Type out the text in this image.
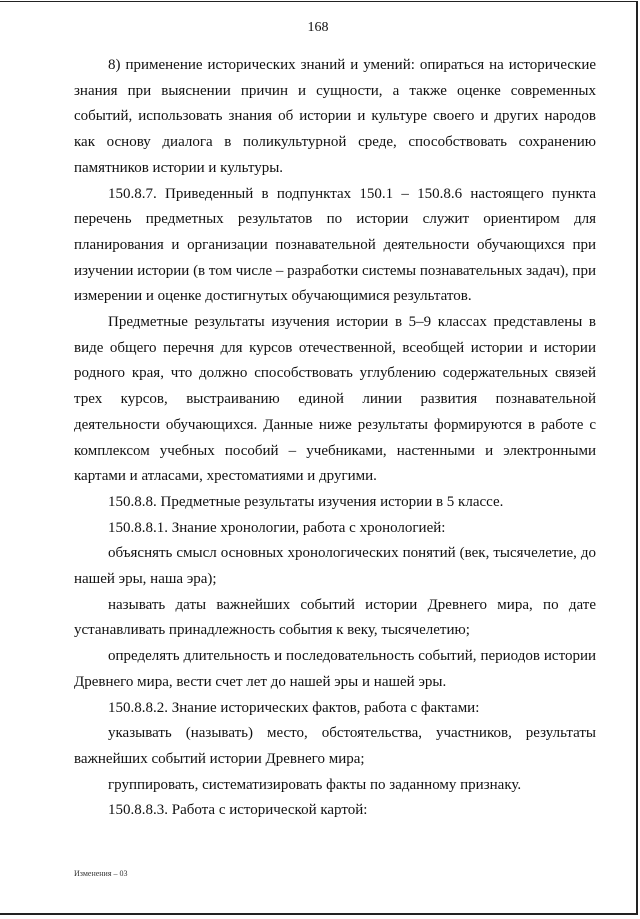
168

8) применение исторических знаний и умений: опираться на исторические знания при выяснении причин и сущности, а также оценке современных событий, использовать знания об истории и культуре своего и других народов как основу диалога в поликультурной среде, способствовать сохранению памятников истории и культуры.

150.8.7. Приведенный в подпунктах 150.1 – 150.8.6 настоящего пункта перечень предметных результатов по истории служит ориентиром для планирования и организации познавательной деятельности обучающихся при изучении истории (в том числе – разработки системы познавательных задач), при измерении и оценке достигнутых обучающимися результатов.

Предметные результаты изучения истории в 5–9 классах представлены в виде общего перечня для курсов отечественной, всеобщей истории и истории родного края, что должно способствовать углублению содержательных связей трех курсов, выстраиванию единой линии развития познавательной деятельности обучающихся. Данные ниже результаты формируются в работе с комплексом учебных пособий – учебниками, настенными и электронными картами и атласами, хрестоматиями и другими.

150.8.8. Предметные результаты изучения истории в 5 классе.

150.8.8.1. Знание хронологии, работа с хронологией:

объяснять смысл основных хронологических понятий (век, тысячелетие, до нашей эры, наша эра);

называть даты важнейших событий истории Древнего мира, по дате устанавливать принадлежность события к веку, тысячелетию;

определять длительность и последовательность событий, периодов истории Древнего мира, вести счет лет до нашей эры и нашей эры.

150.8.8.2. Знание исторических фактов, работа с фактами:

указывать (называть) место, обстоятельства, участников, результаты важнейших событий истории Древнего мира;

группировать, систематизировать факты по заданному признаку.

150.8.8.3. Работа с исторической картой:

Изменения – 03
